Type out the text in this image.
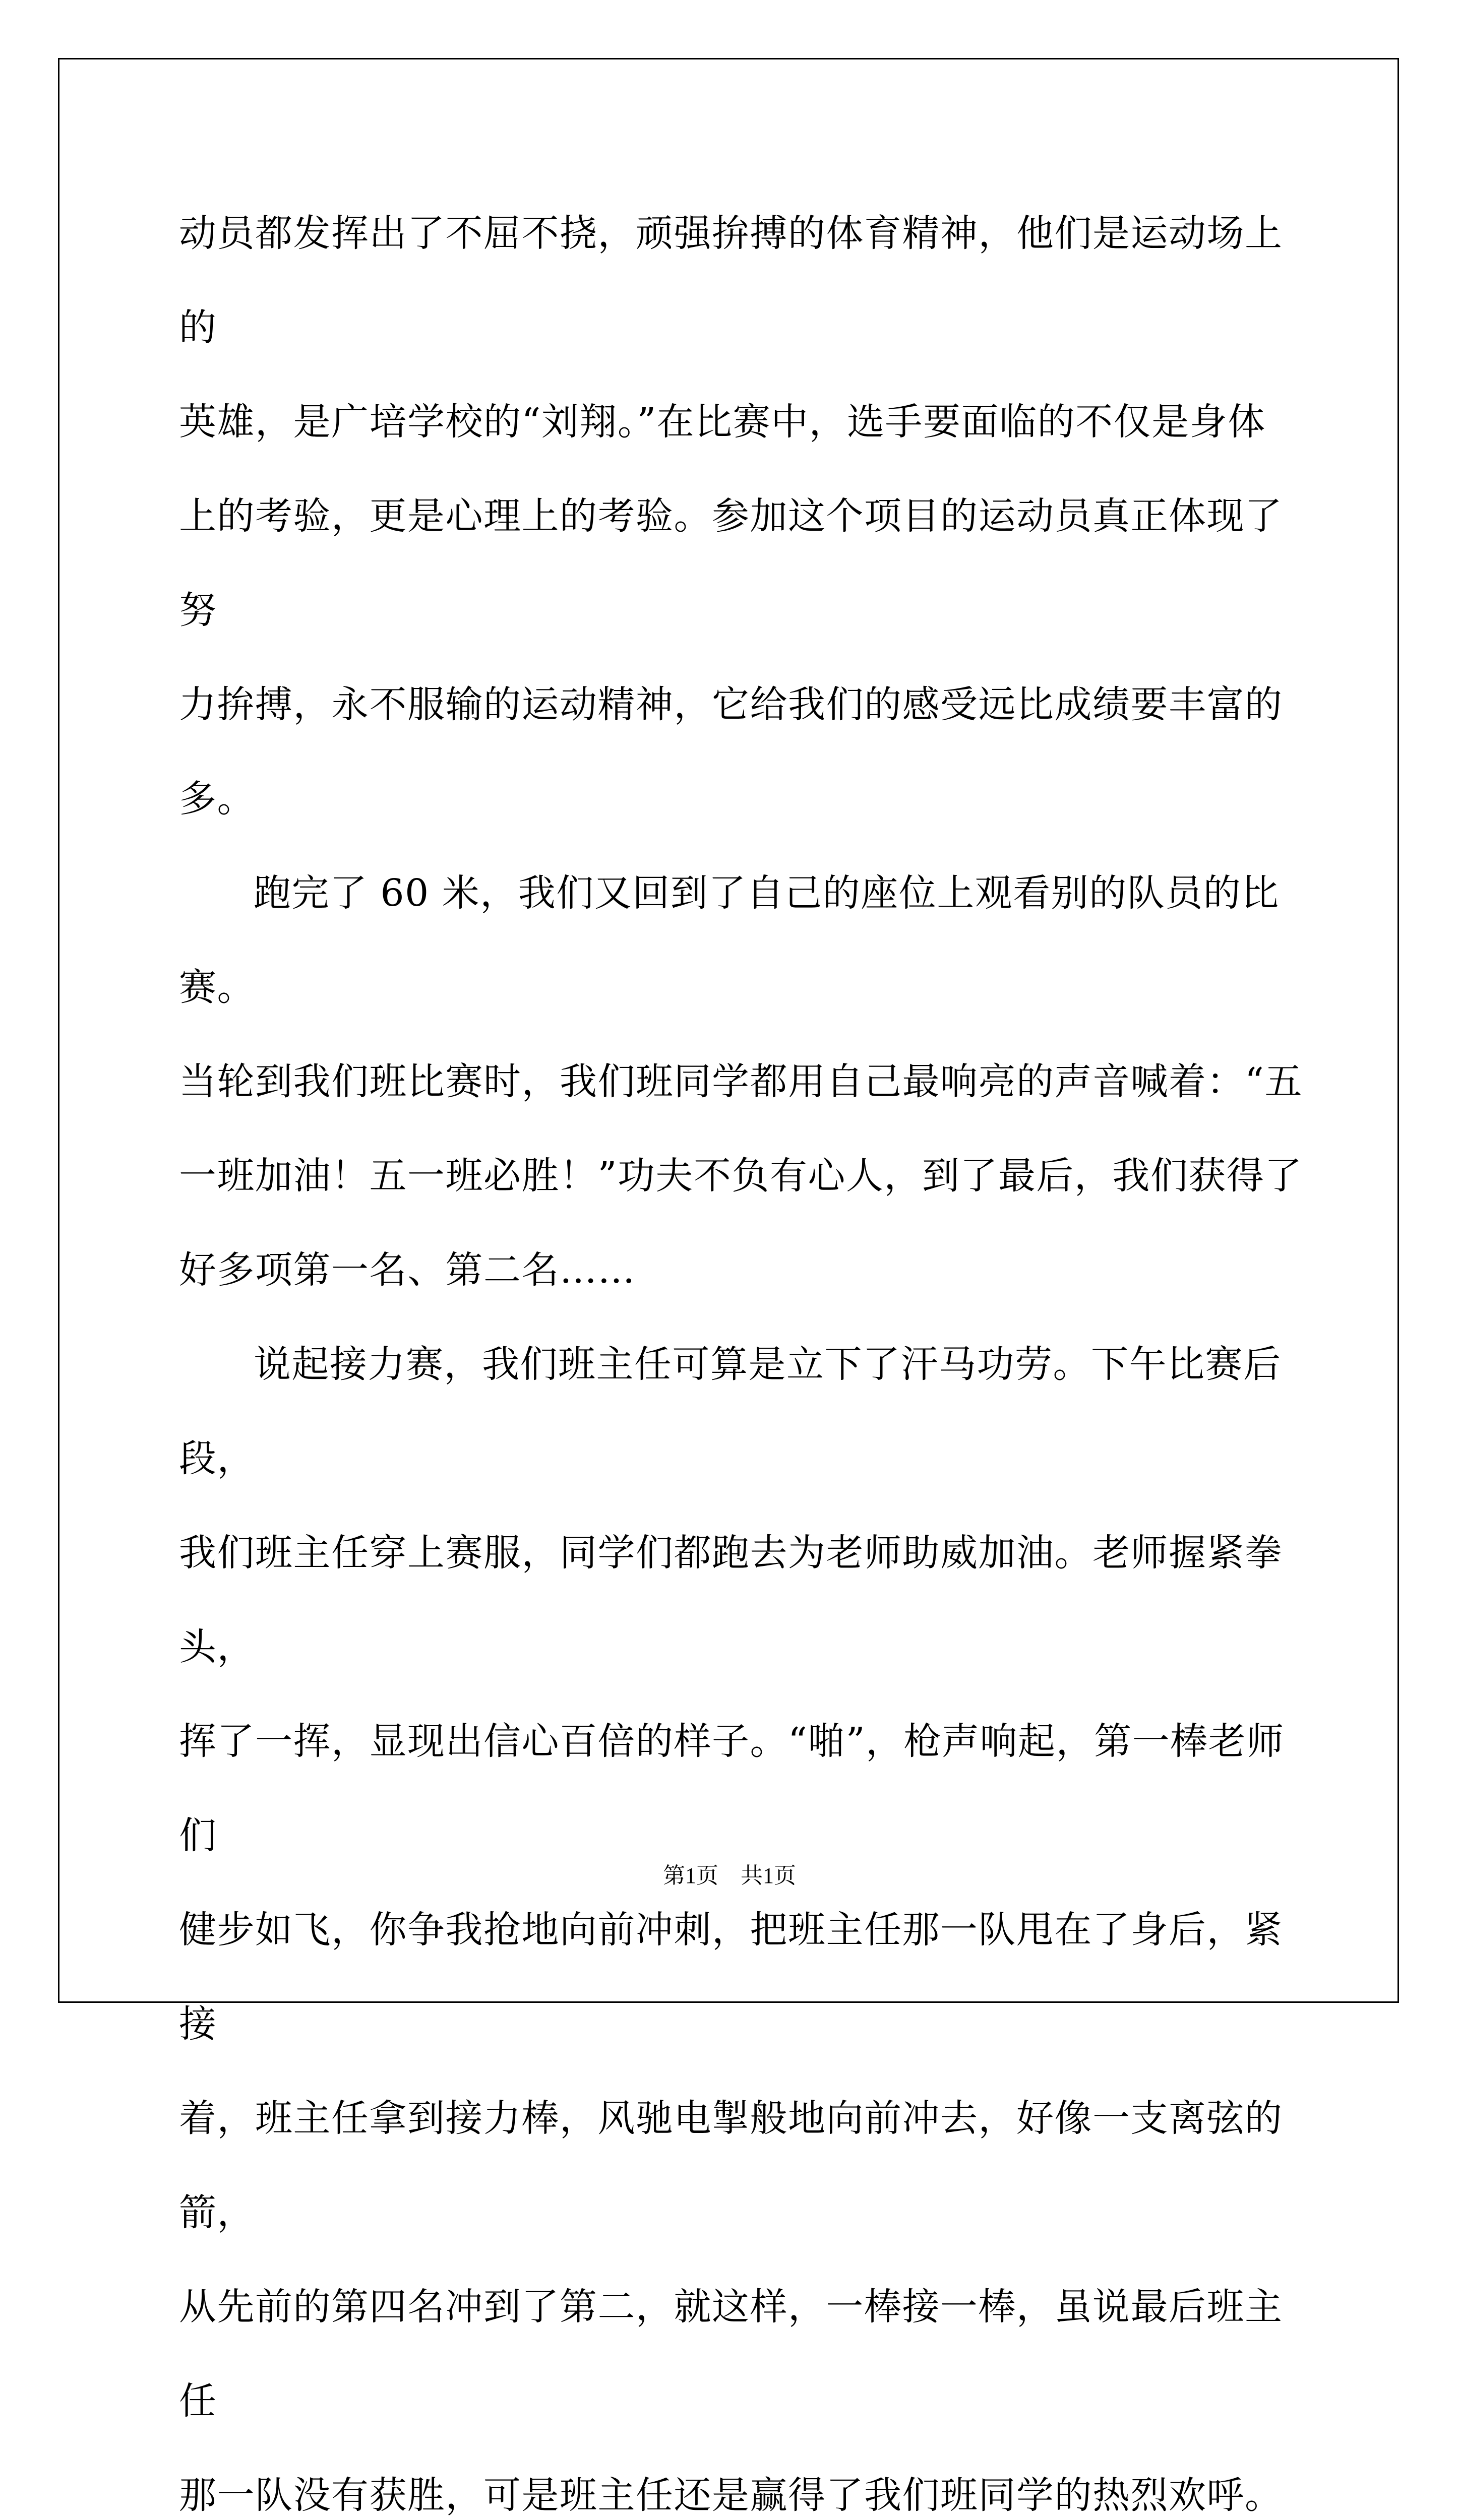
动员都发挥出了不屈不挠，顽强拚搏的体育精神，他们是运动场上的
英雄，是广培学校的“刘翔。”在比赛中，选手要面临的不仅是身体
上的考验，更是心理上的考验。参加这个项目的运动员真正体现了努
力拚搏，永不服输的运动精神，它给我们的感受远比成绩要丰富的多。
跑完了 60 米，我们又回到了自己的座位上观看别的队员的比赛。
当轮到我们班比赛时，我们班同学都用自己最响亮的声音喊着：“五
一班加油！五一班必胜！”功夫不负有心人，到了最后，我们获得了
好多项第一名、第二名……
说起接力赛，我们班主任可算是立下了汗马功劳。下午比赛后段，
我们班主任穿上赛服，同学们都跑去为老师助威加油。老师握紧拳头，
挥了一挥，显现出信心百倍的样子。“啪”，枪声响起，第一棒老师们
健步如飞，你争我抢地向前冲刺，把班主任那一队甩在了身后，紧接
着，班主任拿到接力棒，风驰电掣般地向前冲去，好像一支离弦的箭，
从先前的第四名冲到了第二，就这样，一棒接一棒，虽说最后班主任
那一队没有获胜，可是班主任还是赢得了我们班同学的热烈欢呼。
第1页 共1页
